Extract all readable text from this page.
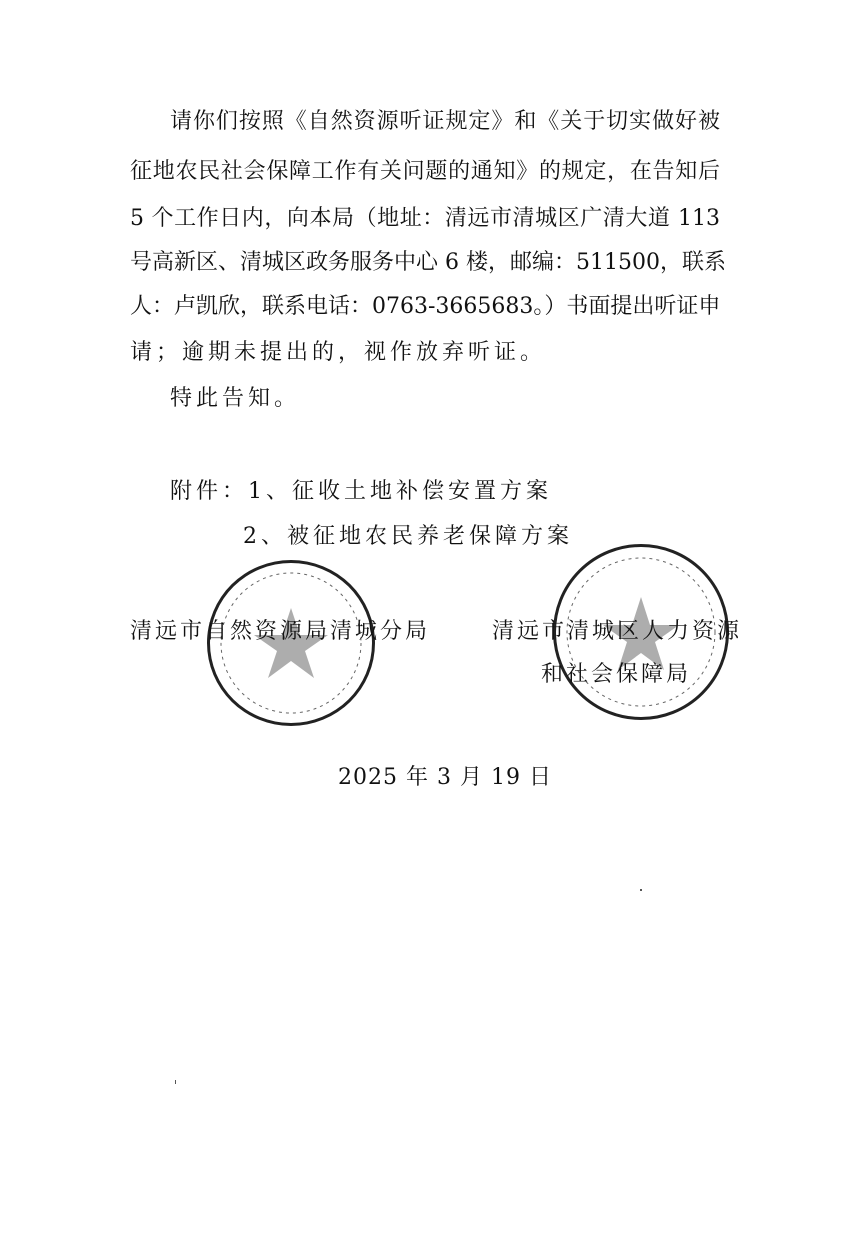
请你们按照《自然资源听证规定》和《关于切实做好被
征地农民社会保障工作有关问题的通知》的规定，在告知后
5 个工作日内，向本局（地址：清远市清城区广清大道 113
号高新区、清城区政务服务中心 6 楼，邮编：511500，联系
人：卢凯欣，联系电话：0763-3665683。）书面提出听证申
请；逾期未提出的，视作放弃听证。
特此告知。
附件：1、征收土地补偿安置方案
2、被征地农民养老保障方案
清远市自然资源局清城分局	清远市清城区人力资源
和社会保障局
2025 年 3 月 19 日
